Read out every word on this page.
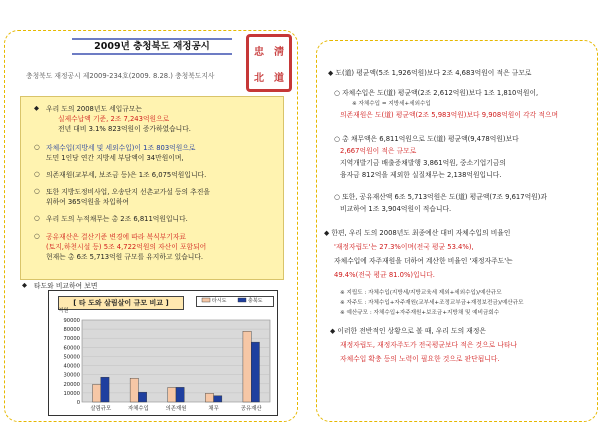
2009년 충청북도 재정공시	忠 淸
北 道
충청북도 재정공시 제2009-234호(2009. 8.28.) 충청북도지사
◆ 우리 도의 2008년도 세입규모는
실제수납액 기준, 2조 7,243억원으로
전년 대비 3.1% 823억원이 증가하였습니다.
○ 자체수입(지방세 및 세외수입)이 1조 803억원으로
도민 1인당 연간 지방세 부담액이 34만원이며,
○ 의존재원(교부세, 보조금 등)은 1조 6,075억원입니다.
○ 또한 지방도정비사업, 오송단지 선촌교가설 등의 추진을
위하여 365억원을 차입하여
○ 우리 도의 누적채무는 총 2조 6,811억원입니다.
○ 공유재산은 결산기준 변경에 따라 복식부기자료
(토지,하천시설 등) 5조 4,722억원의 자산이 포함되어
현재는 총 6조 5,713억원 규모를 유지하고 있습니다.
◆ 타도와 비교하여 보면
[ 타 도와 살림살이 규모 비교 ]
90000
80000
70000
60000
50000
40000
30000
20000
10000
0
억원
살림규모	자체수입	의존재원	채무	공유재산
타시도	충북도
◆ 도(道) 평균액(5조 1,926억원)보다 2조 4,683억원이 적은 규모로
○ 자체수입은 도(道) 평균액(2조 2,612억원)보다 1조 1,810억원이,
※ 자체수입 = 지방세+세외수입
의존재원은 도(道) 평균액(2조 5,983억원)보다 9,908억원이 각각 적으며
○ 총 채무액은 6,811억원으로 도(道) 평균액(9,478억원)보다
2,667억원이 적은 규모로
지역개발기금 배출증채발행 3,861억원, 중소기업기금의
융자금 812억을 제외한 실질채무는 2,138억원입니다.
○ 또한, 공유재산액 6조 5,713억원은 도(道) 평균액(7조 9,617억원)과
비교하여 1조 3,904억원이 적습니다.
◆ 한편, 우리 도의 2008년도 최종예산 대비 자체수입의 비율인
'재정자립도'는 27.3%이며(전국 평균 53.4%),
자체수입에 자주재원을 더하여 계산한 비율인 '재정자주도'는
49.4%(전국 평균 81.0%)입니다.
※ 지립도 : 자체수입(지방세/지방교육세 제외+세외수입)/예산규모
※ 자주도 : 자체수입+자주재원(교부세+조정교부금+재정보전금)/예산규모
※ 예산규모 : 자체수입+자주재원+보조금+지방채 및 예비금회수
◆ 이러한 전반적인 상황으로 볼 때, 우리 도의 재정은
재정자립도, 재정자주도가 전국평균보다 적은 것으로 나타나
자체수입 확충 등의 노력이 필요한 것으로 판단됩니다.
